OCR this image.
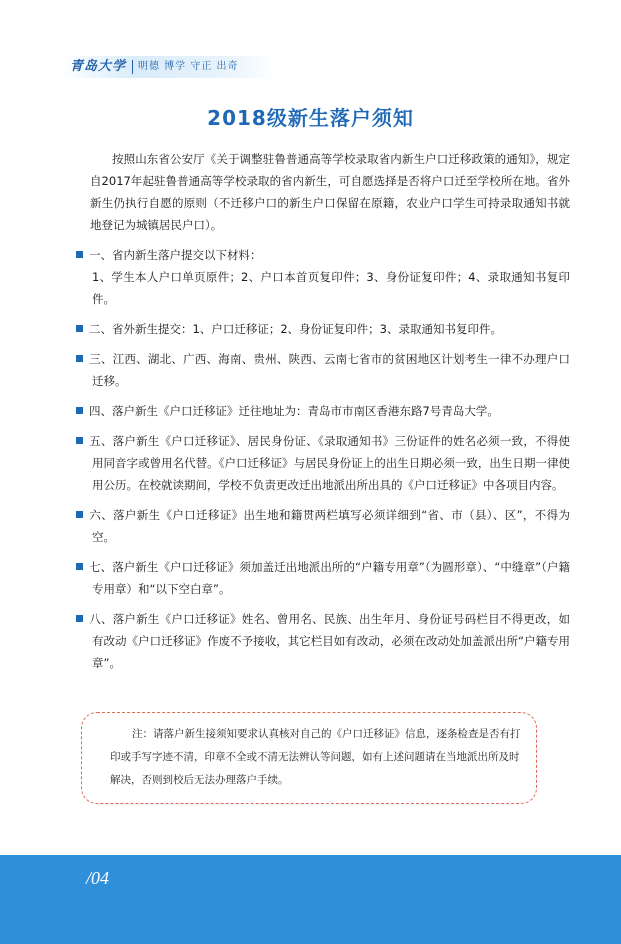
青岛大学 明德 博学 守正 出奇
2018级新生落户须知

按照山东省公安厅《关于调整驻鲁普通高等学校录取省内新生户口迁移政策的通知》，规定自2017年起驻鲁普通高等学校录取的省内新生，可自愿选择是否将户口迁至学校所在地。省外新生仍执行自愿的原则（不迁移户口的新生户口保留在原籍，农业户口学生可持录取通知书就地登记为城镇居民户口）。

一、省内新生落户提交以下材料：

1、学生本人户口单页原件；2、户口本首页复印件；3、身份证复印件；4、录取通知书复印件。

二、省外新生提交：1、户口迁移证；2、身份证复印件；3、录取通知书复印件。

三、江西、湖北、广西、海南、贵州、陕西、云南七省市的贫困地区计划考生一律不办理户口迁移。

四、落户新生《户口迁移证》迁往地址为：青岛市市南区香港东路7号青岛大学。

五、落户新生《户口迁移证》、居民身份证、《录取通知书》三份证件的姓名必须一致，不得使用同音字或曾用名代替。《户口迁移证》与居民身份证上的出生日期必须一致，出生日期一律使用公历。在校就读期间，学校不负责更改迁出地派出所出具的《户口迁移证》中各项目内容。

六、落户新生《户口迁移证》出生地和籍贯两栏填写必须详细到“省、市（县）、区”，不得为空。

七、落户新生《户口迁移证》须加盖迁出地派出所的“户籍专用章”（为圆形章）、“中缝章”（户籍专用章）和“以下空白章”。

八、落户新生《户口迁移证》姓名、曾用名、民族、出生年月、身份证号码栏目不得更改，如有改动《户口迁移证》作废不予接收，其它栏目如有改动，必须在改动处加盖派出所“户籍专用章”。

注：请落户新生接须知要求认真核对自己的《户口迁移证》信息，逐条检查是否有打印或手写字迹不清，印章不全或不清无法辨认等问题，如有上述问题请在当地派出所及时解决，否则到校后无法办理落户手续。

/04
